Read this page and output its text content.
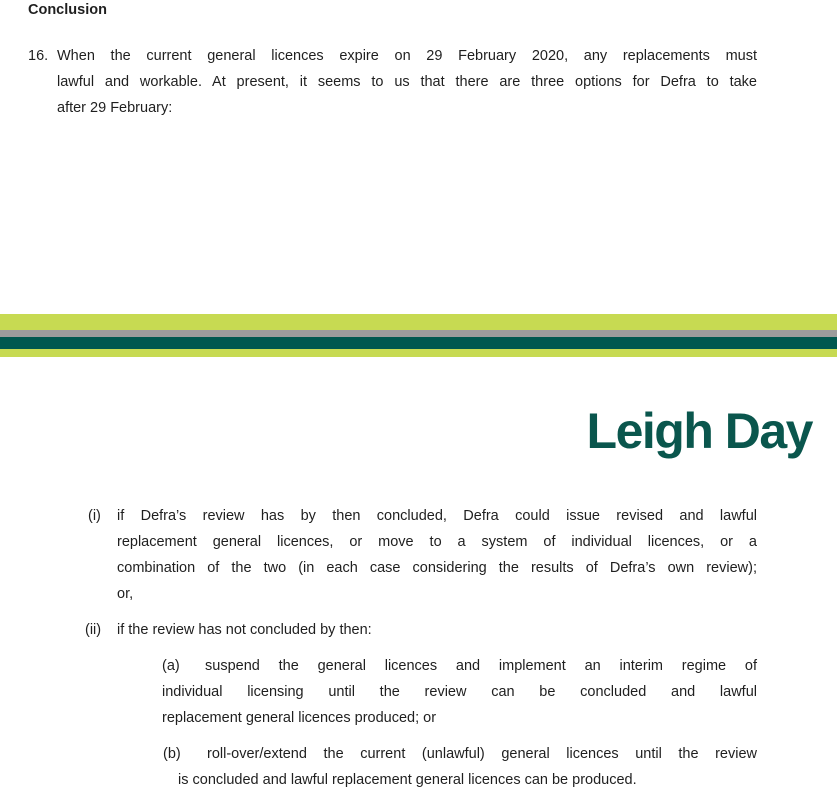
Conclusion
16. When the current general licences expire on 29 February 2020, any replacements must
lawful and workable. At present, it seems to us that there are three options for Defra to take
after 29 February:
Leigh Day
(i) if Defra’s review has by then concluded, Defra could issue revised and lawful
replacement general licences, or move to a system of individual licences, or a
combination of the two (in each case considering the results of Defra’s own review);
or,
(ii) if the review has not concluded by then:
(a) suspend the general licences and implement an interim regime of
individual licensing until the review can be concluded and lawful
replacement general licences produced; or
(b) roll-over/extend the current (unlawful) general licences until the review
is concluded and lawful replacement general licences can be produced.
